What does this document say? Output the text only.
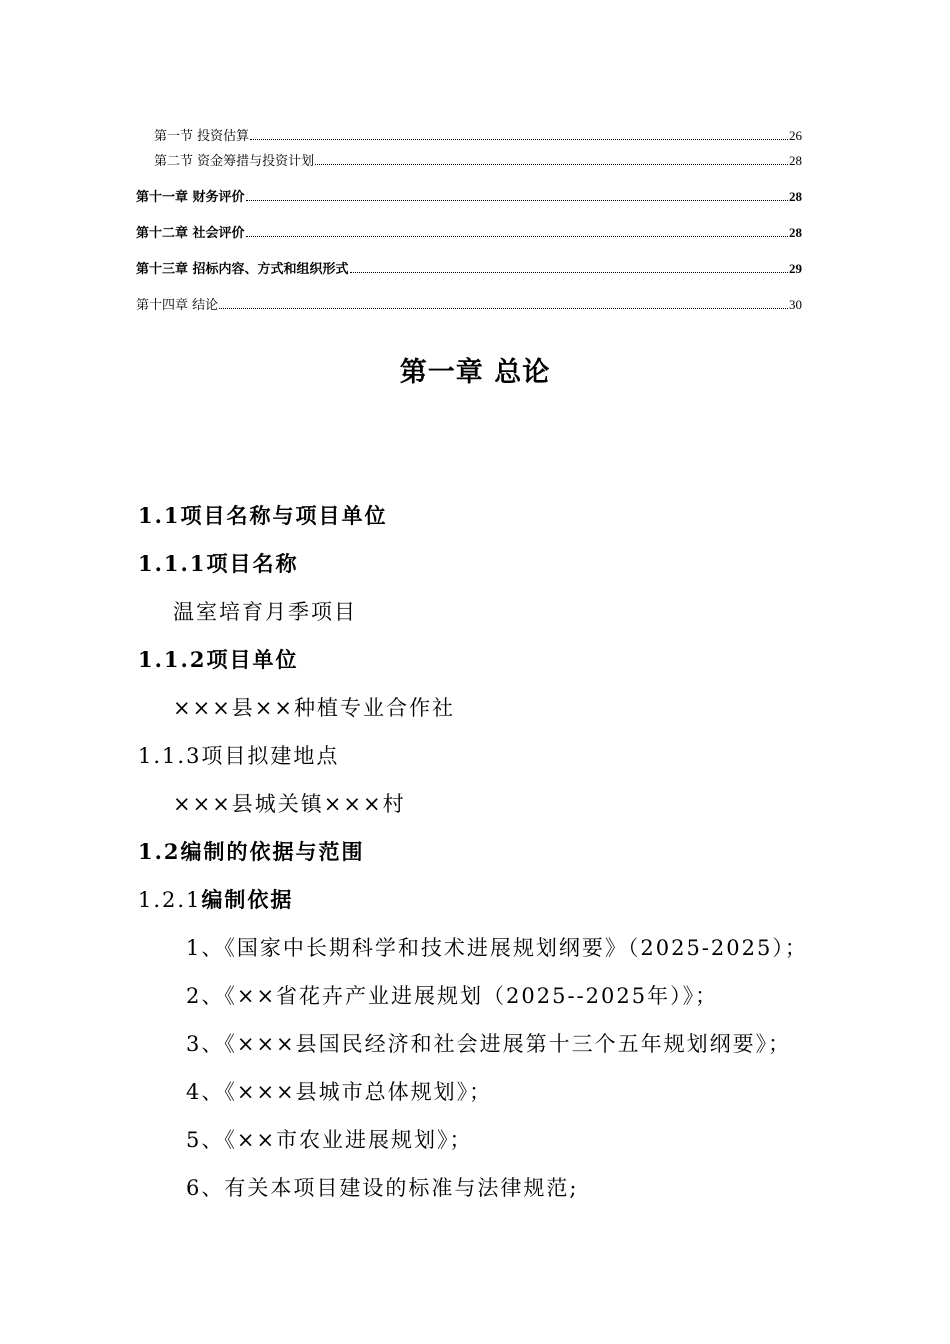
第一节 投资估算	26
第二节 资金筹措与投资计划	28
第十一章 财务评价	28
第十二章 社会评价	28
第十三章 招标内容、方式和组织形式	29
第十四章 结论	30
第一章 总论
1.1项目名称与项目单位
1.1.1项目名称
温室培育月季项目
1.1.2项目单位
×××县××种植专业合作社
1.1.3项目拟建地点
×××县城关镇×××村
1.2编制的依据与范围
1.2.1编制依据
1、《国家中长期科学和技术进展规划纲要》（2025-2025）；
2、《××省花卉产业进展规划（2025--2025年）》；
3、《×××县国民经济和社会进展第十三个五年规划纲要》；
4、《×××县城市总体规划》；
5、《××市农业进展规划》；
6、有关本项目建设的标准与法律规范;
